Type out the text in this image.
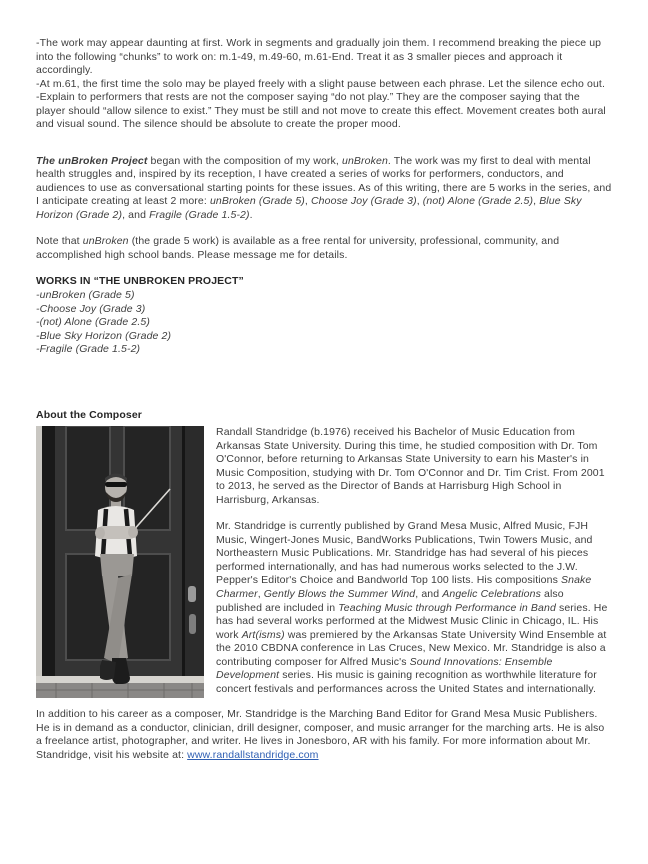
-The work may appear daunting at first. Work in segments and gradually join them. I recommend breaking the piece up into the following “chunks” to work on: m.1-49, m.49-60, m.61-End. Treat it as 3 smaller pieces and approach it accordingly.

-At m.61, the first time the solo may be played freely with a slight pause between each phrase. Let the silence echo out.

-Explain to performers that rests are not the composer saying “do not play.” They are the composer saying that the player should “allow silence to exist.” They must be still and not move to create this effect. Movement creates both aural and visual sound. The silence should be absolute to create the proper mood.

The unBroken Project began with the composition of my work, unBroken. The work was my first to deal with mental health struggles and, inspired by its reception, I have created a series of works for performers, conductors, and audiences to use as conversational starting points for these issues. As of this writing, there are 5 works in the series, and I anticipate creating at least 2 more: unBroken (Grade 5), Choose Joy (Grade 3), (not) Alone (Grade 2.5), Blue Sky Horizon (Grade 2), and Fragile (Grade 1.5-2).

Note that unBroken (the grade 5 work) is available as a free rental for university, professional, community, and accomplished high school bands. Please message me for details.

WORKS IN “THE UNBROKEN PROJECT”
-unBroken (Grade 5)
-Choose Joy (Grade 3)
-(not) Alone (Grade 2.5)
-Blue Sky Horizon (Grade 2)
-Fragile (Grade 1.5-2)
About the Composer

Randall Standridge (b.1976) received his Bachelor of Music Education from Arkansas State University. During this time, he studied composition with Dr. Tom O'Connor, before returning to Arkansas State University to earn his Master's in Music Composition, studying with Dr. Tom O'Connor and Dr. Tim Crist. From 2001 to 2013, he served as the Director of Bands at Harrisburg High School in Harrisburg, Arkansas.

Mr. Standridge is currently published by Grand Mesa Music, Alfred Music, FJH Music, Wingert-Jones Music, BandWorks Publications, Twin Towers Music, and Northeastern Music Publications. Mr. Standridge has had several of his pieces performed internationally, and has had numerous works selected to the J.W. Pepper's Editor's Choice and Bandworld Top 100 lists. His compositions Snake Charmer, Gently Blows the Summer Wind, and Angelic Celebrations also published are included in Teaching Music through Performance in Band series. He has had several works performed at the Midwest Music Clinic in Chicago, IL. His work Art(isms) was premiered by the Arkansas State University Wind Ensemble at the 2010 CBDNA conference in Las Cruces, New Mexico. Mr. Standridge is also a contributing composer for Alfred Music's Sound Innovations: Ensemble Development series. His music is gaining recognition as worthwhile literature for concert festivals and performances across the United States and internationally.

In addition to his career as a composer, Mr. Standridge is the Marching Band Editor for Grand Mesa Music Publishers. He is in demand as a conductor, clinician, drill designer, composer, and music arranger for the marching arts. He is also a freelance artist, photographer, and writer. He lives in Jonesboro, AR with his family. For more information about Mr. Standridge, visit his website at: www.randallstandridge.com
